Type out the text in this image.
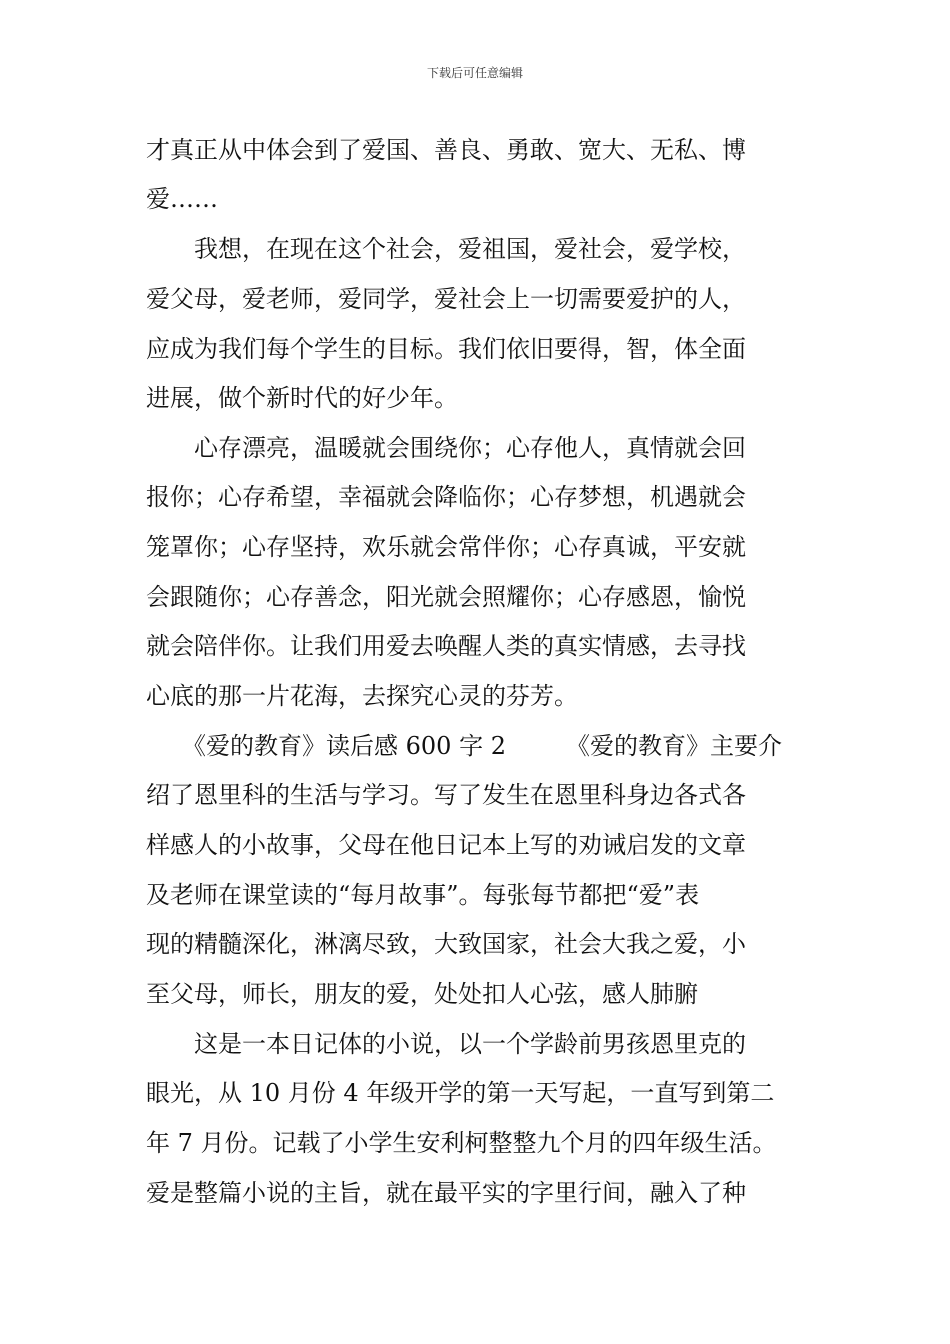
下载后可任意编辑
才真正从中体会到了爱国、善良、勇敢、宽大、无私、博
爱……
　　我想，在现在这个社会，爱祖国，爱社会，爱学校，
爱父母，爱老师，爱同学，爱社会上一切需要爱护的人，
应成为我们每个学生的目标。我们依旧要得，智，体全面
进展，做个新时代的好少年。
　　心存漂亮，温暖就会围绕你；心存他人，真情就会回
报你；心存希望，幸福就会降临你；心存梦想，机遇就会
笼罩你；心存坚持，欢乐就会常伴你；心存真诚，平安就
会跟随你；心存善念，阳光就会照耀你；心存感恩，愉悦
就会陪伴你。让我们用爱去唤醒人类的真实情感，去寻找
心底的那一片花海，去探究心灵的芬芳。
　　《爱的教育》读后感 600 字 2　　　《爱的教育》主要介
绍了恩里科的生活与学习。写了发生在恩里科身边各式各
样感人的小故事，父母在他日记本上写的劝诫启发的文章
及老师在课堂读的“每月故事”。每张每节都把“爱”表
现的精髓深化，淋漓尽致，大致国家，社会大我之爱，小
至父母，师长，朋友的爱，处处扣人心弦，感人肺腑
　　这是一本日记体的小说，以一个学龄前男孩恩里克的
眼光，从 10 月份 4 年级开学的第一天写起，一直写到第二
年 7 月份。记载了小学生安利柯整整九个月的四年级生活。
爱是整篇小说的主旨，就在最平实的字里行间，融入了种
